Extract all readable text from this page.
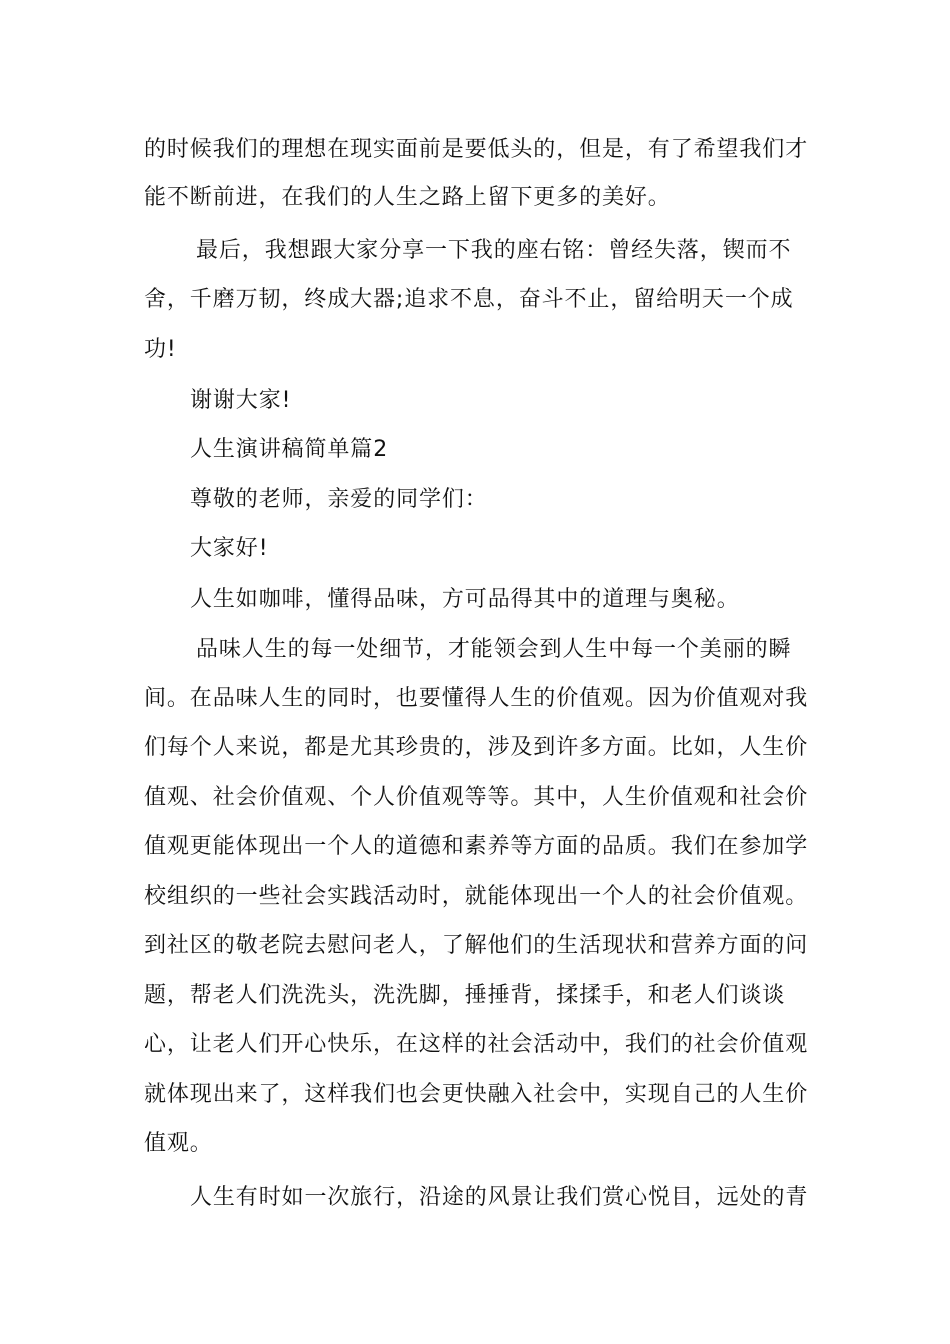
的时候我们的理想在现实面前是要低头的，但是，有了希望我们才
能不断前进，在我们的人生之路上留下更多的美好。
最后，我想跟大家分享一下我的座右铭：曾经失落，锲而不
舍，千磨万韧，终成大器;追求不息，奋斗不止，留给明天一个成
功!
谢谢大家!
人生演讲稿简单篇2
尊敬的老师，亲爱的同学们：
大家好!
人生如咖啡，懂得品味，方可品得其中的道理与奥秘。
品味人生的每一处细节，才能领会到人生中每一个美丽的瞬
间。在品味人生的同时，也要懂得人生的价值观。因为价值观对我
们每个人来说，都是尤其珍贵的，涉及到许多方面。比如，人生价
值观、社会价值观、个人价值观等等。其中，人生价值观和社会价
值观更能体现出一个人的道德和素养等方面的品质。我们在参加学
校组织的一些社会实践活动时，就能体现出一个人的社会价值观。
到社区的敬老院去慰问老人，了解他们的生活现状和营养方面的问
题，帮老人们洗洗头，洗洗脚，捶捶背，揉揉手，和老人们谈谈
心，让老人们开心快乐，在这样的社会活动中，我们的社会价值观
就体现出来了，这样我们也会更快融入社会中，实现自己的人生价
值观。
人生有时如一次旅行，沿途的风景让我们赏心悦目，远处的青
